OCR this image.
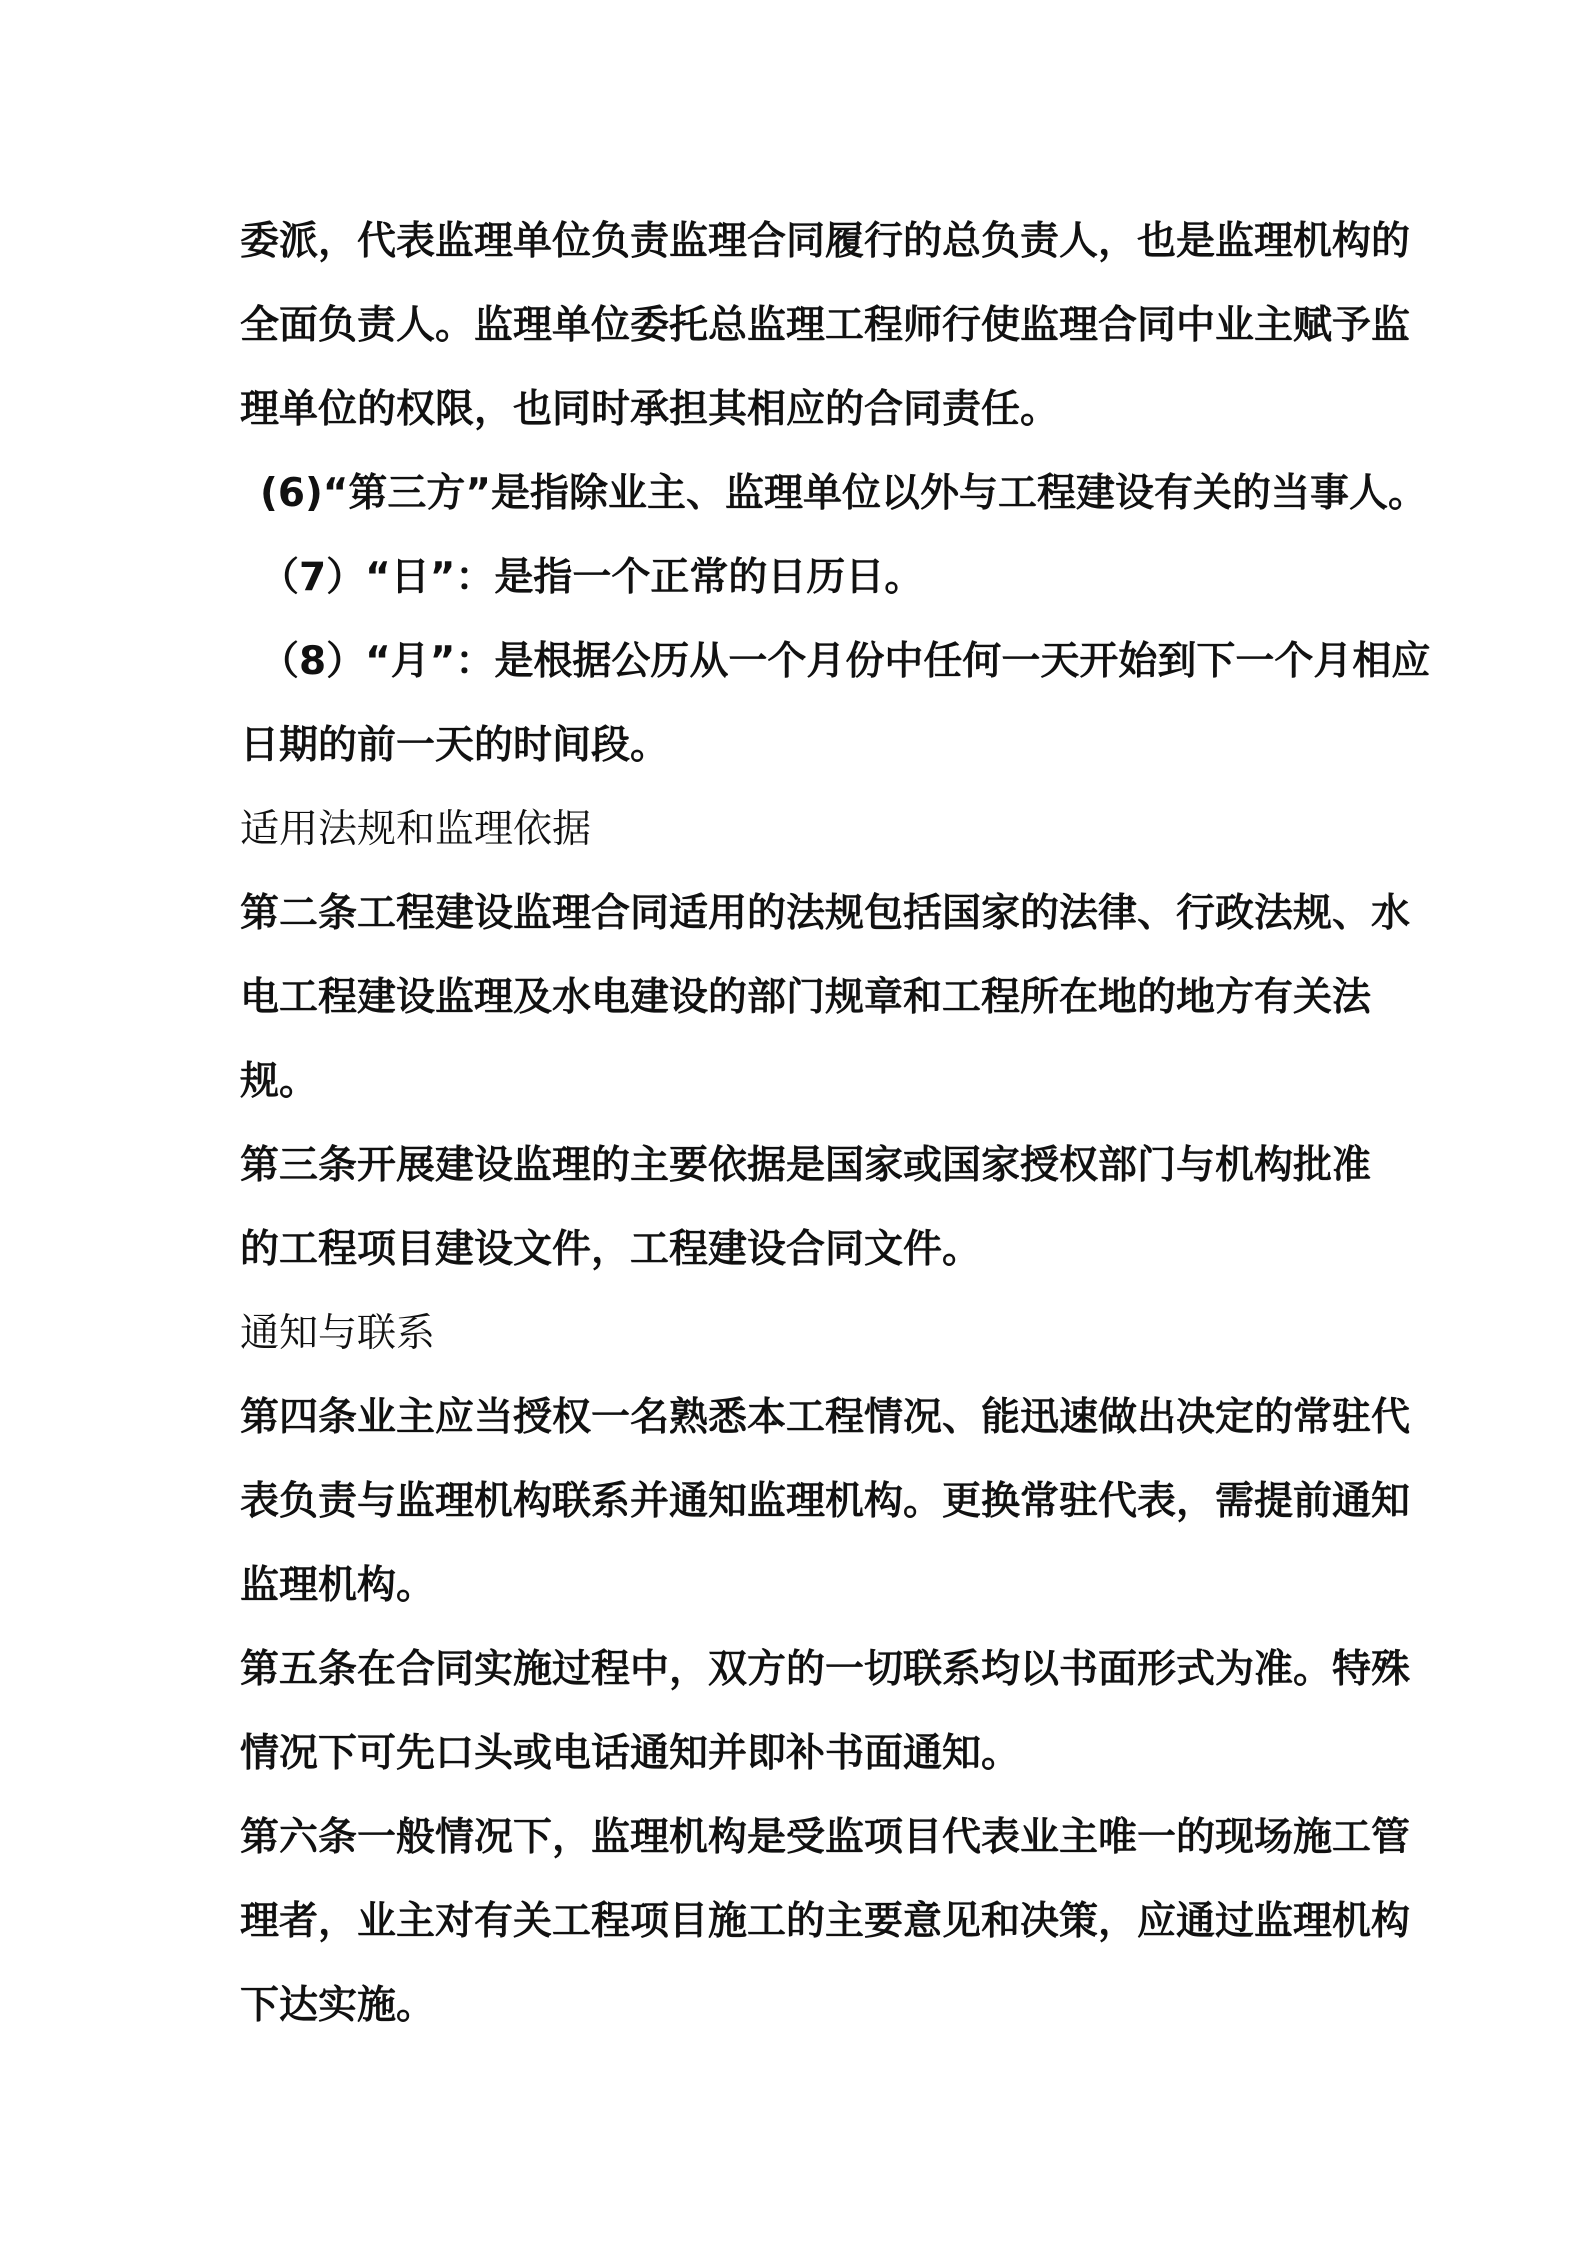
委派，代表监理单位负责监理合同履行的总负责人，也是监理机构的
全面负责人。监理单位委托总监理工程师行使监理合同中业主赋予监
理单位的权限，也同时承担其相应的合同责任。
(6)“第三方”是指除业主、监理单位以外与工程建设有关的当事人。
（7）“日”：是指一个正常的日历日。
（8）“月”：是根据公历从一个月份中任何一天开始到下一个月相应
日期的前一天的时间段。
适用法规和监理依据
第二条工程建设监理合同适用的法规包括国家的法律、行政法规、水
电工程建设监理及水电建设的部门规章和工程所在地的地方有关法
规。
第三条开展建设监理的主要依据是国家或国家授权部门与机构批准
的工程项目建设文件，工程建设合同文件。
通知与联系
第四条业主应当授权一名熟悉本工程情况、能迅速做出决定的常驻代
表负责与监理机构联系并通知监理机构。更换常驻代表，需提前通知
监理机构。
第五条在合同实施过程中，双方的一切联系均以书面形式为准。特殊
情况下可先口头或电话通知并即补书面通知。
第六条一般情况下，监理机构是受监项目代表业主唯一的现场施工管
理者，业主对有关工程项目施工的主要意见和决策，应通过监理机构
下达实施。
